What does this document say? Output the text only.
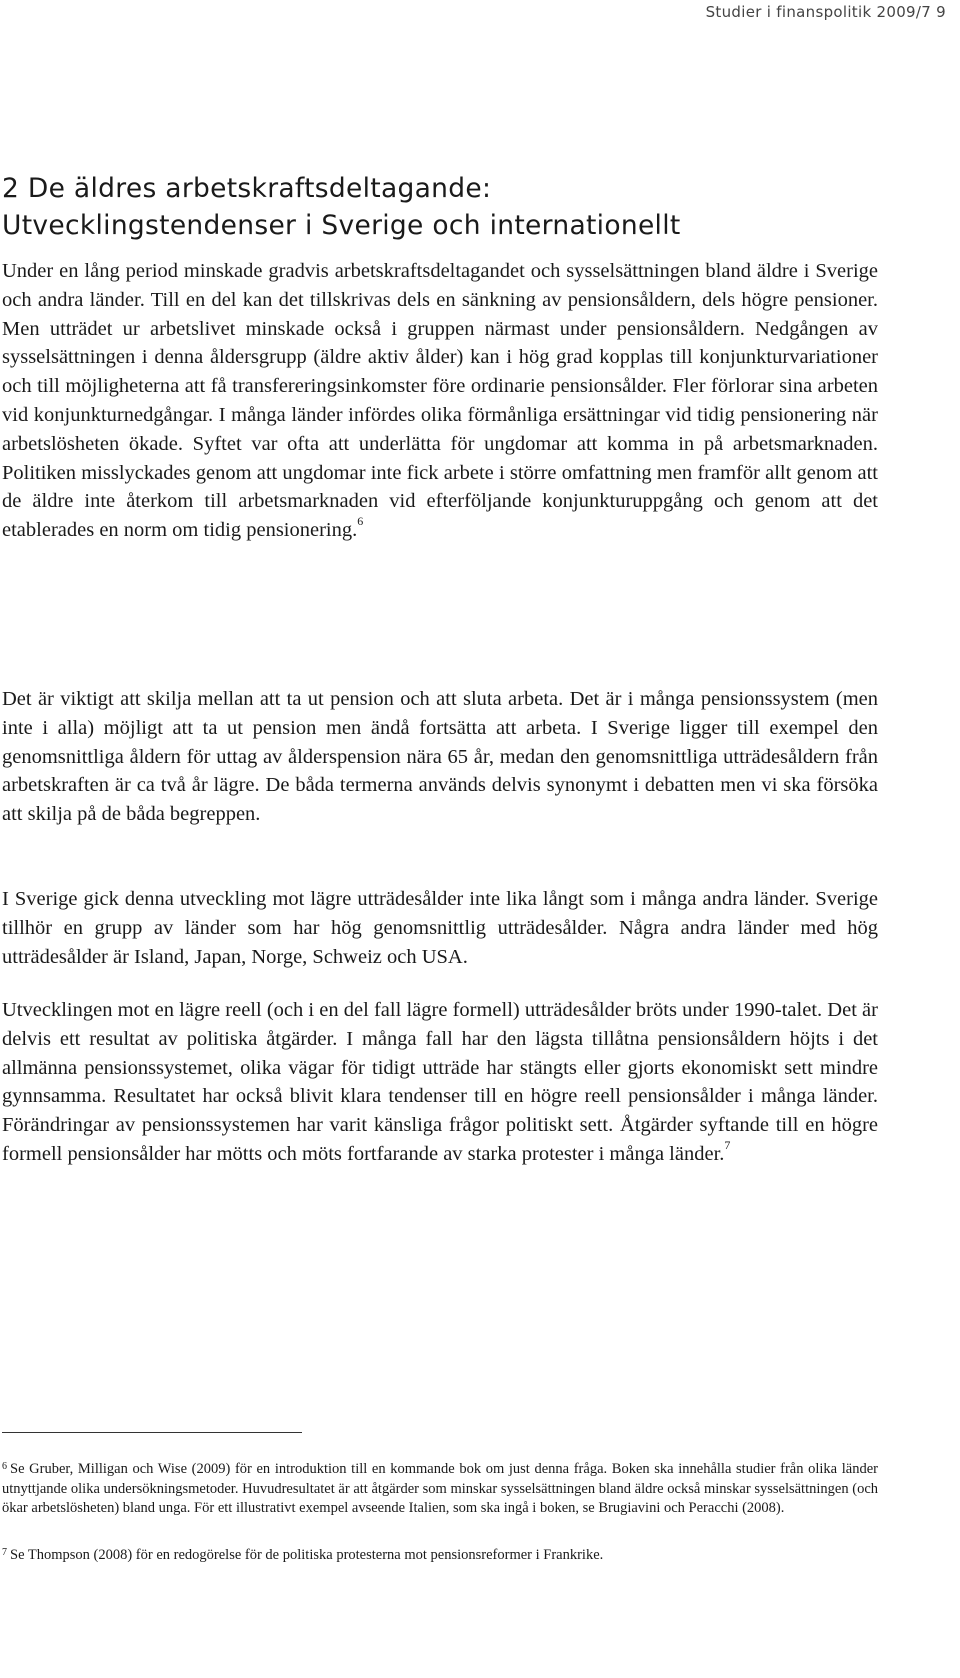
Studier i finanspolitik 2009/7 9
2 De äldres arbetskraftsdeltagande:
Utvecklingstendenser i Sverige och internationellt

Under en lång period minskade gradvis arbetskraftsdeltagandet och sysselsättningen bland äldre i Sverige och andra länder. Till en del kan det tillskrivas dels en sänkning av pensionsåldern, dels högre pensioner. Men utträdet ur arbetslivet minskade också i gruppen närmast under pensionsåldern. Nedgången av sysselsättningen i denna åldersgrupp (äldre aktiv ålder) kan i hög grad kopplas till konjunkturvariationer och till möjligheterna att få transfereringsinkomster före ordinarie pensionsålder. Fler förlorar sina arbeten vid konjunkturnedgångar. I många länder infördes olika förmånliga ersättningar vid tidig pensionering när arbetslösheten ökade. Syftet var ofta att underlätta för ungdomar att komma in på arbetsmarknaden. Politiken misslyckades genom att ungdomar inte fick arbete i större omfattning men framför allt genom att de äldre inte återkom till arbetsmarknaden vid efterföljande konjunkturuppgång och genom att det etablerades en norm om tidig pensionering.$^6$

Det är viktigt att skilja mellan att ta ut pension och att sluta arbeta. Det är i många pensionssystem (men inte i alla) möjligt att ta ut pension men ändå fortsätta att arbeta. I Sverige ligger till exempel den genomsnittliga åldern för uttag av ålderspension nära 65 år, medan den genomsnittliga utträdesåldern från arbetskraften är ca två år lägre. De båda termerna används delvis synonymt i debatten men vi ska försöka att skilja på de båda begreppen.

I Sverige gick denna utveckling mot lägre utträdesålder inte lika långt som i många andra länder. Sverige tillhör en grupp av länder som har hög genomsnittlig utträdesålder. Några andra länder med hög utträdesålder är Island, Japan, Norge, Schweiz och USA.

Utvecklingen mot en lägre reell (och i en del fall lägre formell) utträdesålder bröts under 1990-talet. Det är delvis ett resultat av politiska åtgärder. I många fall har den lägsta tillåtna pensionsåldern höjts i det allmänna pensionssystemet, olika vägar för tidigt utträde har stängts eller gjorts ekonomiskt sett mindre gynnsamma. Resultatet har också blivit klara tendenser till en högre reell pensionsålder i många länder. Förändringar av pensionssystemen har varit känsliga frågor politiskt sett. Åtgärder syftande till en högre formell pensionsålder har mötts och möts fortfarande av starka protester i många länder.$^7$

$^6$ Se Gruber, Milligan och Wise (2009) för en introduktion till en kommande bok om just denna fråga. Boken ska innehålla studier från olika länder utnyttjande olika undersökningsmetoder. Huvudresultatet är att åtgärder som minskar sysselsättningen bland äldre också minskar sysselsättningen (och ökar arbetslösheten) bland unga. För ett illustrativt exempel avseende Italien, som ska ingå i boken, se Brugiavini och Peracchi (2008).

$^7$ Se Thompson (2008) för en redogörelse för de politiska protesterna mot pensionsreformer i Frankrike.
